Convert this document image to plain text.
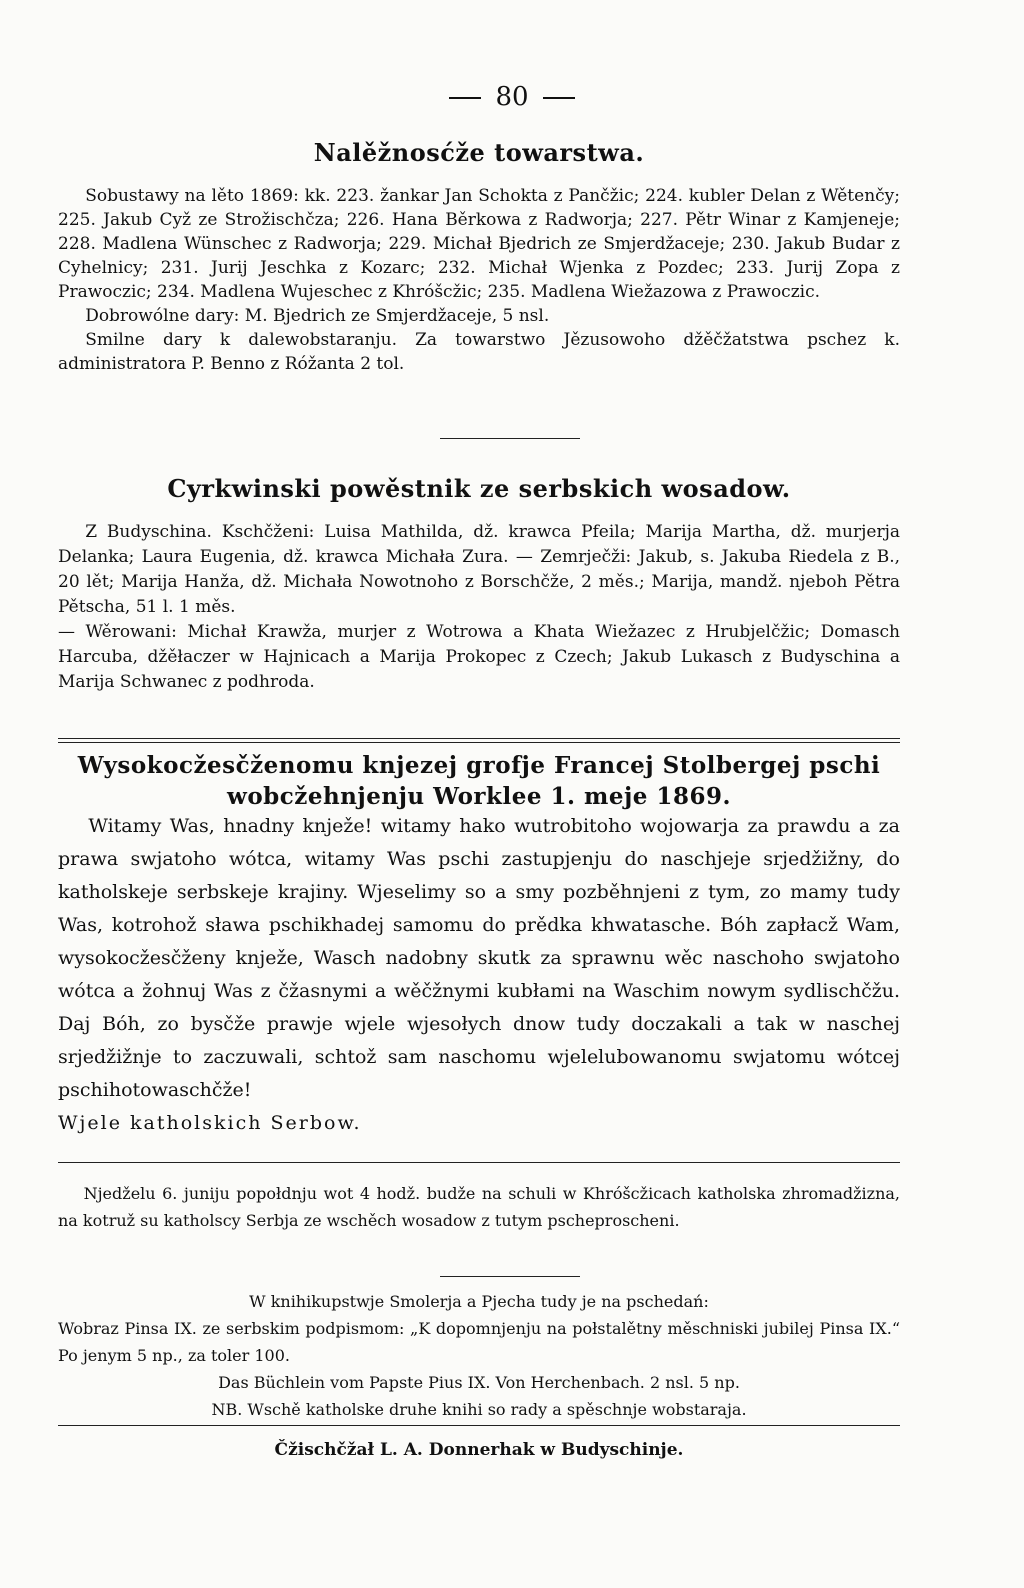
80
Nalěžnosćže towarstwa.

Sobustawy na lěto 1869: kk. 223. žankar Jan Schokta z Pančžic; 224. kubler Delan z Wětenčy; 225. Jakub Cyž ze Strožischčza; 226. Hana Běrkowa z Radworja; 227. Pětr Winar z Kamjeneje; 228. Madlena Wünschec z Radworja; 229. Michał Bjedrich ze Smjerdžaceje; 230. Jakub Budar z Cyhelnicy; 231. Jurij Jeschka z Kozarc; 232. Michał Wjenka z Pozdec; 233. Jurij Zopa z Prawoczic; 234. Madlena Wujeschec z Khróšcžic; 235. Madlena Wiežazowa z Prawoczic.

Dobrowólne dary: M. Bjedrich ze Smjerdžaceje, 5 nsl.

Smilne dary k dalewobstaranju. Za towarstwo Jězusowoho džěčžatstwa pschez k. administratora P. Benno z Róžanta 2 tol.

Cyrkwinski powěstnik ze serbskich wosadow.

Z Budyschina. Kschčženi: Luisa Mathilda, dž. krawca Pfeila; Marija Martha, dž. murjerja Delanka; Laura Eugenia, dž. krawca Michała Zura. — Zemrječži: Jakub, s. Jakuba Riedela z B., 20 lět; Marija Hanža, dž. Michała Nowotnoho z Borschčže, 2 měs.; Marija, mandž. njeboh Pětra Pětscha, 51 l. 1 měs.

— Wěrowani: Michał Krawža, murjer z Wotrowa a Khata Wiežazec z Hrubjelčžic; Domasch Harcuba, džěłaczer w Hajnicach a Marija Prokopec z Czech; Jakub Lukasch z Budyschina a Marija Schwanec z podhroda.

Wysokocžesčženomu knjezej grofje Francej Stolbergej pschi wobcžehnjenju Worklee 1. meje 1869.

Witamy Was, hnadny knježe! witamy hako wutrobitoho wojowarja za prawdu a za prawa swjatoho wótca, witamy Was pschi zastupjenju do naschjeje srjedžižny, do katholskeje serbskeje krajiny. Wjeselimy so a smy pozběhnjeni z tym, zo mamy tudy Was, kotrohož sława pschikhadej samomu do prědka khwatasche. Bóh zapłacž Wam, wysokocžesčženy knježe, Wasch nadobny skutk za sprawnu wěc naschoho swjatoho wótca a žohnuj Was z čžasnymi a wěčžnymi kubłami na Waschim nowym sydlischčžu. Daj Bóh, zo bysčže prawje wjele wjesołych dnow tudy doczakali a tak w naschej srjedžižnje to zaczuwali, schtož sam naschomu wjelelubowanomu swjatomu wótcej pschihotowaschčže!

Wjele katholskich Serbow.

Njedželu 6. juniju popołdnju wot 4 hodž. budže na schuli w Khróšcžicach katholska zhromadžizna, na kotruž su katholscy Serbja ze wschěch wosadow z tutym pscheproscheni.

W knihikupstwje Smolerja a Pjecha tudy je na pschedań:

Wobraz Pinsa IX. ze serbskim podpismom: „K dopomnjenju na połstalětny měschniski jubilej Pinsa IX.“ Po jenym 5 np., za toler 100.

Das Büchlein vom Papste Pius IX. Von Herchenbach. 2 nsl. 5 np.

NB. Wschě katholske druhe knihi so rady a spěschnje wobstaraja.

Čžischčžał L. A. Donnerhak w Budyschinje.
